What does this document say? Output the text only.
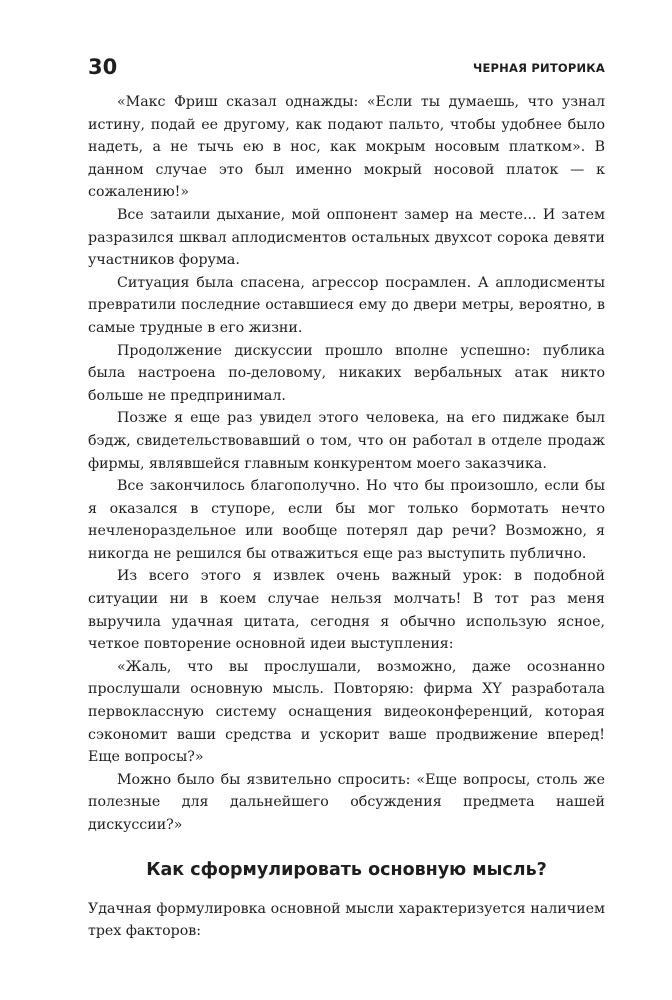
30	ЧЕРНАЯ РИТОРИКА

«Макс Фриш сказал однажды: «Если ты думаешь, что узнал истину, подай ее другому, как подают пальто, чтобы удобнее было надеть, а не тычь ею в нос, как мокрым носовым платком». В данном случае это был именно мокрый носовой платок — к сожалению!»

Все затаили дыхание, мой оппонент замер на месте... И затем разразился шквал аплодисментов остальных двухсот сорока девяти участников форума.

Ситуация была спасена, агрессор посрамлен. А аплодисменты превратили последние оставшиеся ему до двери метры, вероятно, в самые трудные в его жизни.

Продолжение дискуссии прошло вполне успешно: публика была настроена по-деловому, никаких вербальных атак никто больше не предпринимал.

Позже я еще раз увидел этого человека, на его пиджаке был бэдж, свидетельствовавший о том, что он работал в отделе продаж фирмы, являвшейся главным конкурентом моего заказчика.

Все закончилось благополучно. Но что бы произошло, если бы я оказался в ступоре, если бы мог только бормотать нечто нечленораздельное или вообще потерял дар речи? Возможно, я никогда не решился бы отважиться еще раз выступить публично.

Из всего этого я извлек очень важный урок: в подобной ситуации ни в коем случае нельзя молчать! В тот раз меня выручила удачная цитата, сегодня я обычно использую ясное, четкое повторение основной идеи выступления:

«Жаль, что вы прослушали, возможно, даже осознанно прослушали основную мысль. Повторяю: фирма XY разработала первоклассную систему оснащения видеоконференций, которая сэкономит ваши средства и ускорит ваше продвижение вперед! Еще вопросы?»

Можно было бы язвительно спросить: «Еще вопросы, столь же полезные для дальнейшего обсуждения предмета нашей дискуссии?»

Как сформулировать основную мысль?

Удачная формулировка основной мысли характеризуется наличием трех факторов:
